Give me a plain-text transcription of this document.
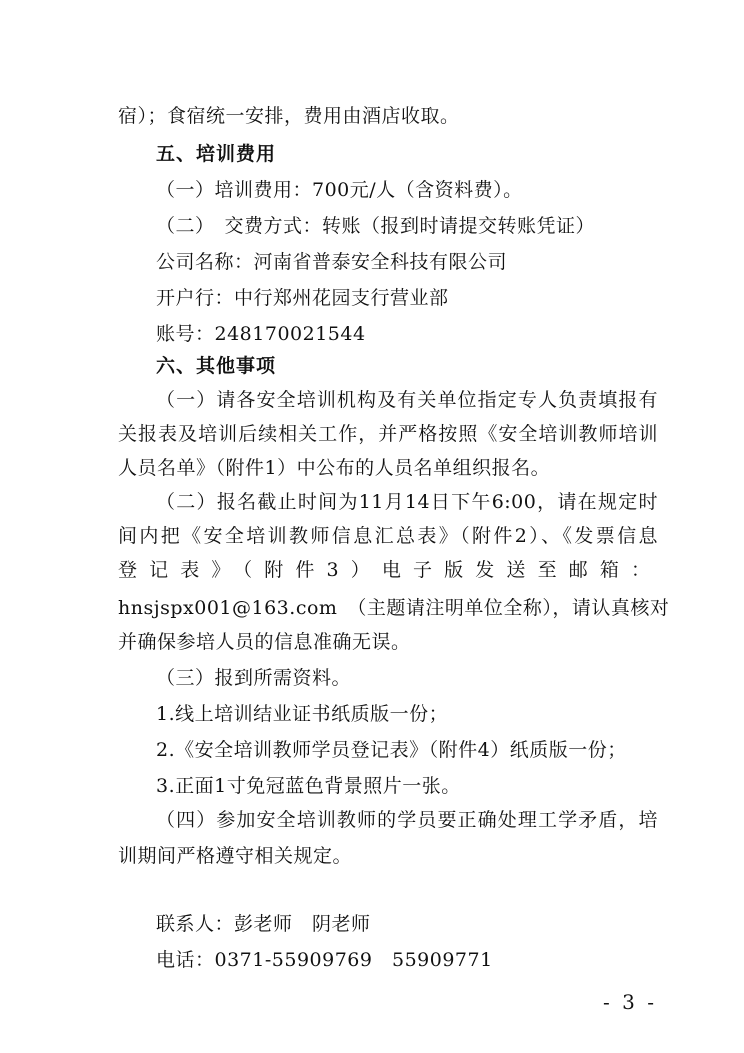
宿）；食宿统一安排，费用由酒店收取。
五、培训费用
（一）培训费用：700元/人（含资料费）。
（二）　交费方式：转账（报到时请提交转账凭证）
公司名称：河南省普泰安全科技有限公司
开户行：中行郑州花园支行营业部
账号：248170021544
六、其他事项
（一）请各安全培训机构及有关单位指定专人负责填报有
关报表及培训后续相关工作，并严格按照《安全培训教师培训
人员名单》（附件1）中公布的人员名单组织报名。
（二）报名截止时间为11月14日下午6:00，请在规定时
间内把《安全培训教师信息汇总表》（附件2）、《发票信息
登记表》（附件3）电子版发送至邮箱：
hnsjspx001@163.com　（主题请注明单位全称），请认真核对
并确保参培人员的信息准确无误。
（三）报到所需资料。
1.线上培训结业证书纸质版一份；
2.《安全培训教师学员登记表》（附件4）纸质版一份；
3.正面1寸免冠蓝色背景照片一张。
（四）参加安全培训教师的学员要正确处理工学矛盾，培
训期间严格遵守相关规定。
联系人：彭老师　阴老师
电话：0371-55909769　55909771
- 3 -
